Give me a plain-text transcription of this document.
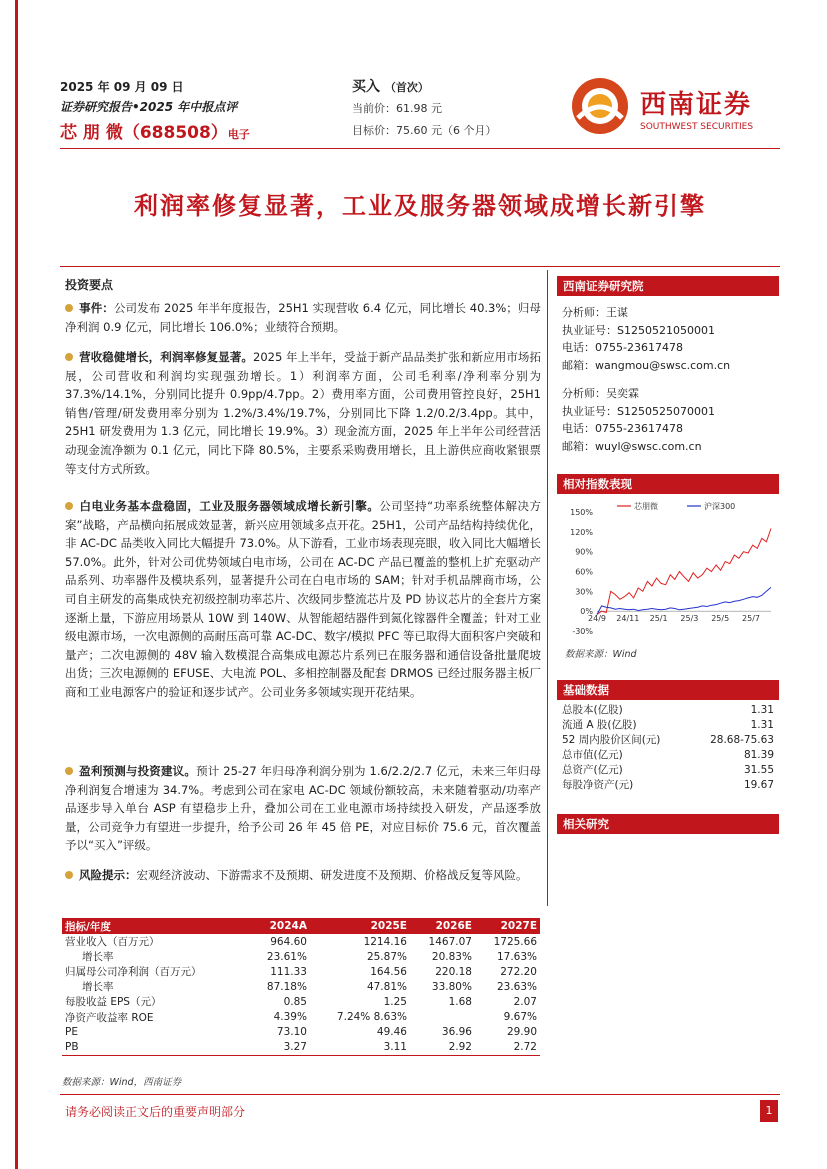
2025 年 09 月 09 日
证券研究报告•2025 年中报点评
芯 朋 微（688508）电子
买入 （首次）
当前价：61.98 元
目标价：75.60 元（6 个月）
西南证券
SOUTHWEST SECURITIES
利润率修复显著，工业及服务器领域成增长新引擎
投资要点
事件：公司发布 2025 年半年度报告，25H1 实现营收 6.4 亿元，同比增长 40.3%；归母净利润 0.9 亿元，同比增长 106.0%；业绩符合预期。
营收稳健增长，利润率修复显著。2025 年上半年，受益于新产品品类扩张和新应用市场拓展，公司营收和利润均实现强劲增长。1）利润率方面，公司毛利率/净利率分别为 37.3%/14.1%，分别同比提升 0.9pp/4.7pp。2）费用率方面，公司费用管控良好，25H1 销售/管理/研发费用率分别为 1.2%/3.4%/19.7%，分别同比下降 1.2/0.2/3.4pp。其中，25H1 研发费用为 1.3 亿元，同比增长 19.9%。3）现金流方面，2025 年上半年公司经营活动现金流净额为 0.1 亿元，同比下降 80.5%，主要系采购费用增长，且上游供应商收紧银票等支付方式所致。
白电业务基本盘稳固，工业及服务器领域成增长新引擎。公司坚持“功率系统整体解决方案”战略，产品横向拓展成效显著，新兴应用领域多点开花。25H1，公司产品结构持续优化，非 AC-DC 品类收入同比大幅提升 73.0%。从下游看，工业市场表现亮眼，收入同比大幅增长 57.0%。此外，针对公司优势领域白电市场，公司在 AC-DC 产品已覆盖的整机上扩充驱动产品系列、功率器件及模块系列，显著提升公司在白电市场的 SAM；针对手机品牌商市场，公司自主研发的高集成快充初级控制功率芯片、次级同步整流芯片及 PD 协议芯片的全套片方案逐渐上量，下游应用场景从 10W 到 140W、从智能超结器件到氮化镓器件全覆盖；针对工业级电源市场，一次电源侧的高耐压高可靠 AC-DC、数字/模拟 PFC 等已取得大面积客户突破和量产；二次电源侧的 48V 输入数模混合高集成电源芯片系列已在服务器和通信设备批量爬坡出货；三次电源侧的 EFUSE、大电流 POL、多相控制器及配套 DRMOS 已经过服务器主板厂商和工业电源客户的验证和逐步试产。公司业务多领域实现开花结果。
盈利预测与投资建议。预计 25-27 年归母净利润分别为 1.6/2.2/2.7 亿元，未来三年归母净利润复合增速为 34.7%。考虑到公司在家电 AC-DC 领域份额较高，未来随着驱动/功率产品逐步导入单台 ASP 有望稳步上升，叠加公司在工业电源市场持续投入研发，产品逐季放量，公司竞争力有望进一步提升，给予公司 26 年 45 倍 PE，对应目标价 75.6 元，首次覆盖予以“买入”评级。
风险提示：宏观经济波动、下游需求不及预期、研发进度不及预期、价格战反复等风险。
指标/年度	2024A	2025E	2026E	2027E
营业收入（百万元）	964.60	1214.16	1467.07	1725.66
增长率	23.61%	25.87%	20.83%	17.63%
归属母公司净利润（百万元）	111.33	164.56	220.18	272.20
增长率	87.18%	47.81%	33.80%	23.63%
每股收益 EPS（元）	0.85	1.25	1.68	2.07
净资产收益率 ROE	4.39%	7.24% 8.63%		9.67%
PE	73.10	49.46	36.96	29.90
PB	3.27	3.11	2.92	2.72
数据来源：Wind，西南证券
西南证券研究院
分析师：王谋
执业证号：S1250521050001
电话：0755-23617478
邮箱：wangmou@swsc.com.cn
分析师：吴奕霖
执业证号：S1250525070001
电话：0755-23617478
邮箱：wuyl@swsc.com.cn
相对指数表现
150%
120%
90%
60%
30%
0%
-30%
24/9 24/11 25/1 25/3 25/5 25/7
芯朋微	沪深300
数据来源：Wind
基础数据
总股本(亿股)	1.31
流通 A 股(亿股)	1.31
52 周内股价区间(元)	28.68-75.63
总市值(亿元)	81.39
总资产(亿元)	31.55
每股净资产(元)	19.67
相关研究
请务必阅读正文后的重要声明部分	1
